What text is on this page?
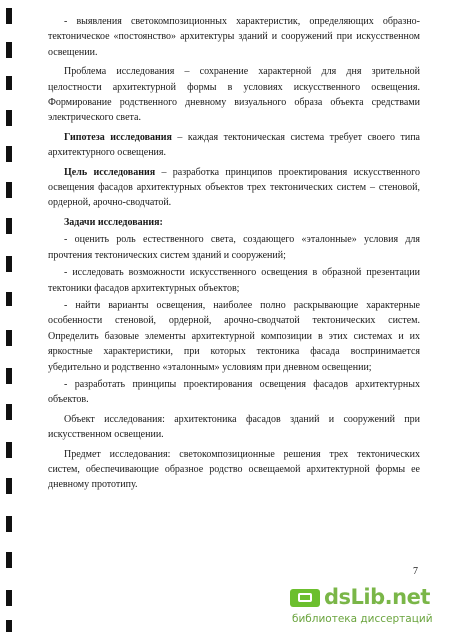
- выявления светокомпозиционных характеристик, определяющих образно-тектоническое «постоянство» архитектуры зданий и сооружений при искусственном освещении.

Проблема исследования – сохранение характерной для дня зрительной целостности архитектурной формы в условиях искусственного освещения. Формирование родственного дневному визуального образа объекта средствами электрического света.

Гипотеза исследования – каждая тектоническая система требует своего типа архитектурного освещения.

Цель исследования – разработка принципов проектирования искусственного освещения фасадов архитектурных объектов трех тектонических систем – стеновой, ордерной, арочно-сводчатой.

Задачи исследования:

- оценить роль естественного света, создающего «эталонные» условия для прочтения тектонических систем зданий и сооружений;

- исследовать возможности искусственного освещения в образной презентации тектоники фасадов архитектурных объектов;

- найти варианты освещения, наиболее полно раскрывающие характерные особенности стеновой, ордерной, арочно-сводчатой тектонических систем. Определить базовые элементы архитектурной композиции в этих системах и их яркостные характеристики, при которых тектоника фасада воспринимается убедительно и родственно «эталонным» условиям при дневном освещении;

- разработать принципы проектирования освещения фасадов архитектурных объектов.

Объект исследования: архитектоника фасадов зданий и сооружений при искусственном освещении.

Предмет исследования: светокомпозиционные решения трех тектонических систем, обеспечивающие образное родство освещаемой архитектурной формы ее дневному прототипу.

7
dsLib.net
библиотека диссертаций
